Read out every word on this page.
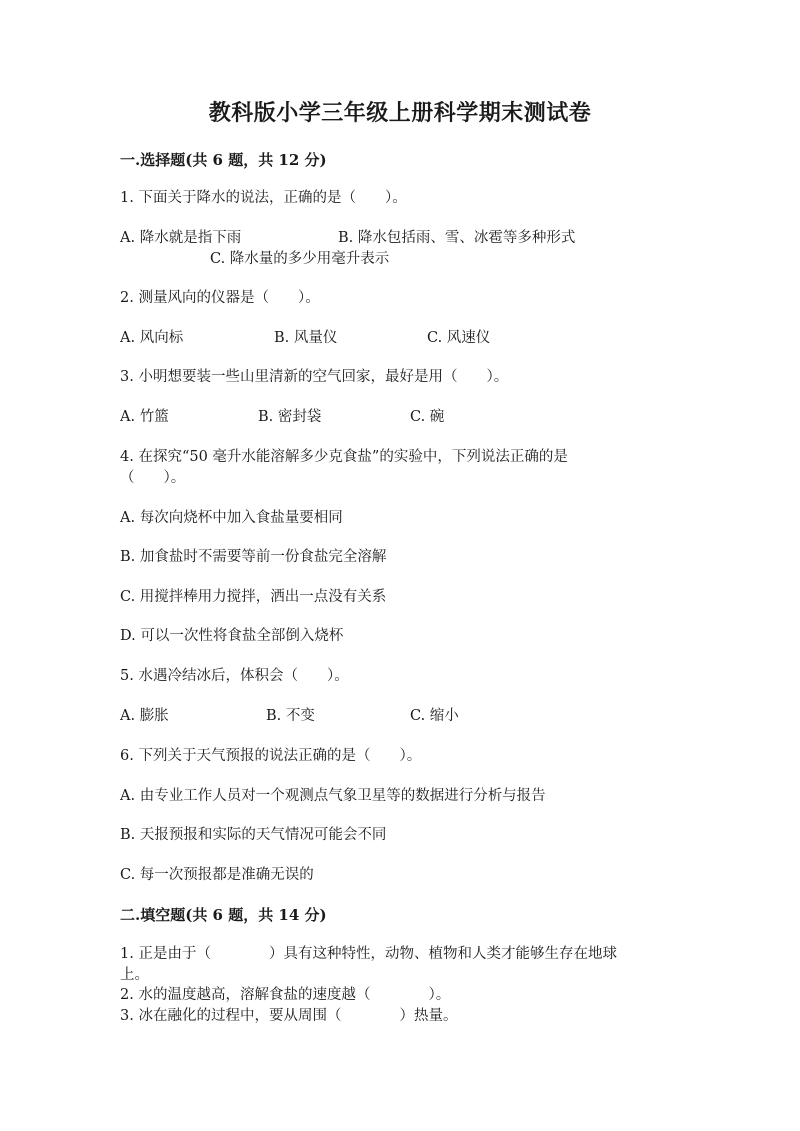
教科版小学三年级上册科学期末测试卷
一.选择题(共 6 题，共 12 分)
1. 下面关于降水的说法，正确的是（　　）。
A. 降水就是指下雨	B. 降水包括雨、雪、冰雹等多种形式
C. 降水量的多少用毫升表示
2. 测量风向的仪器是（　　）。
A. 风向标	B. 风量仪	C. 风速仪
3. 小明想要装一些山里清新的空气回家，最好是用（　　）。
A. 竹篮	B. 密封袋	C. 碗
4. 在探究“50 毫升水能溶解多少克食盐”的实验中，下列说法正确的是
（　　）。
A. 每次向烧杯中加入食盐量要相同
B. 加食盐时不需要等前一份食盐完全溶解
C. 用搅拌棒用力搅拌，洒出一点没有关系
D. 可以一次性将食盐全部倒入烧杯
5. 水遇冷结冰后，体积会（　　）。
A. 膨胀	B. 不变	C. 缩小
6. 下列关于天气预报的说法正确的是（　　）。
A. 由专业工作人员对一个观测点气象卫星等的数据进行分析与报告
B. 天报预报和实际的天气情况可能会不同
C. 每一次预报都是准确无误的
二.填空题(共 6 题，共 14 分)
1. 正是由于（　　　　）具有这种特性，动物、植物和人类才能够生存在地球
上。
2. 水的温度越高，溶解食盐的速度越（　　　　）。
3. 冰在融化的过程中，要从周围（　　　　）热量。
